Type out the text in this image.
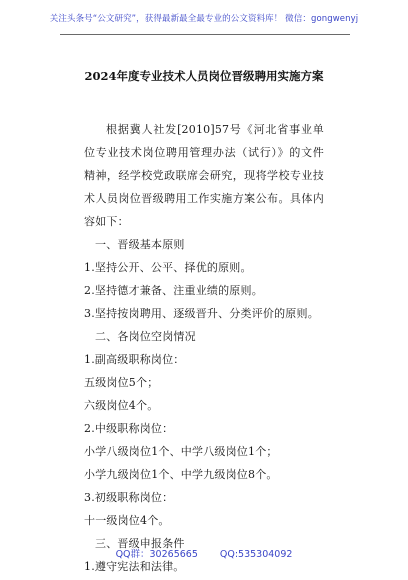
关注头条号“公文研究”，获得最新最全最专业的公文资料库！ 微信：gongwenyj
2024年度专业技术人员岗位晋级聘用实施方案

根据冀人社发[2010]57号《河北省事业单位专业技术岗位聘用管理办法（试行）》的文件精神，经学校党政联席会研究，现将学校专业技术人员岗位晋级聘用工作实施方案公布。具体内容如下：

一、晋级基本原则
1.坚持公开、公平、择优的原则。
2.坚持德才兼备、注重业绩的原则。
3.坚持按岗聘用、逐级晋升、分类评价的原则。
二、各岗位空岗情况
1.副高级职称岗位：
五级岗位5个；
六级岗位4个。
2.中级职称岗位：
小学八级岗位1个、中学八级岗位1个；
小学九级岗位1个、中学九级岗位8个。
3.初级职称岗位：
十一级岗位4个。
三、晋级申报条件
1.遵守宪法和法律。
QQ群：30265665 QQ:535304092
